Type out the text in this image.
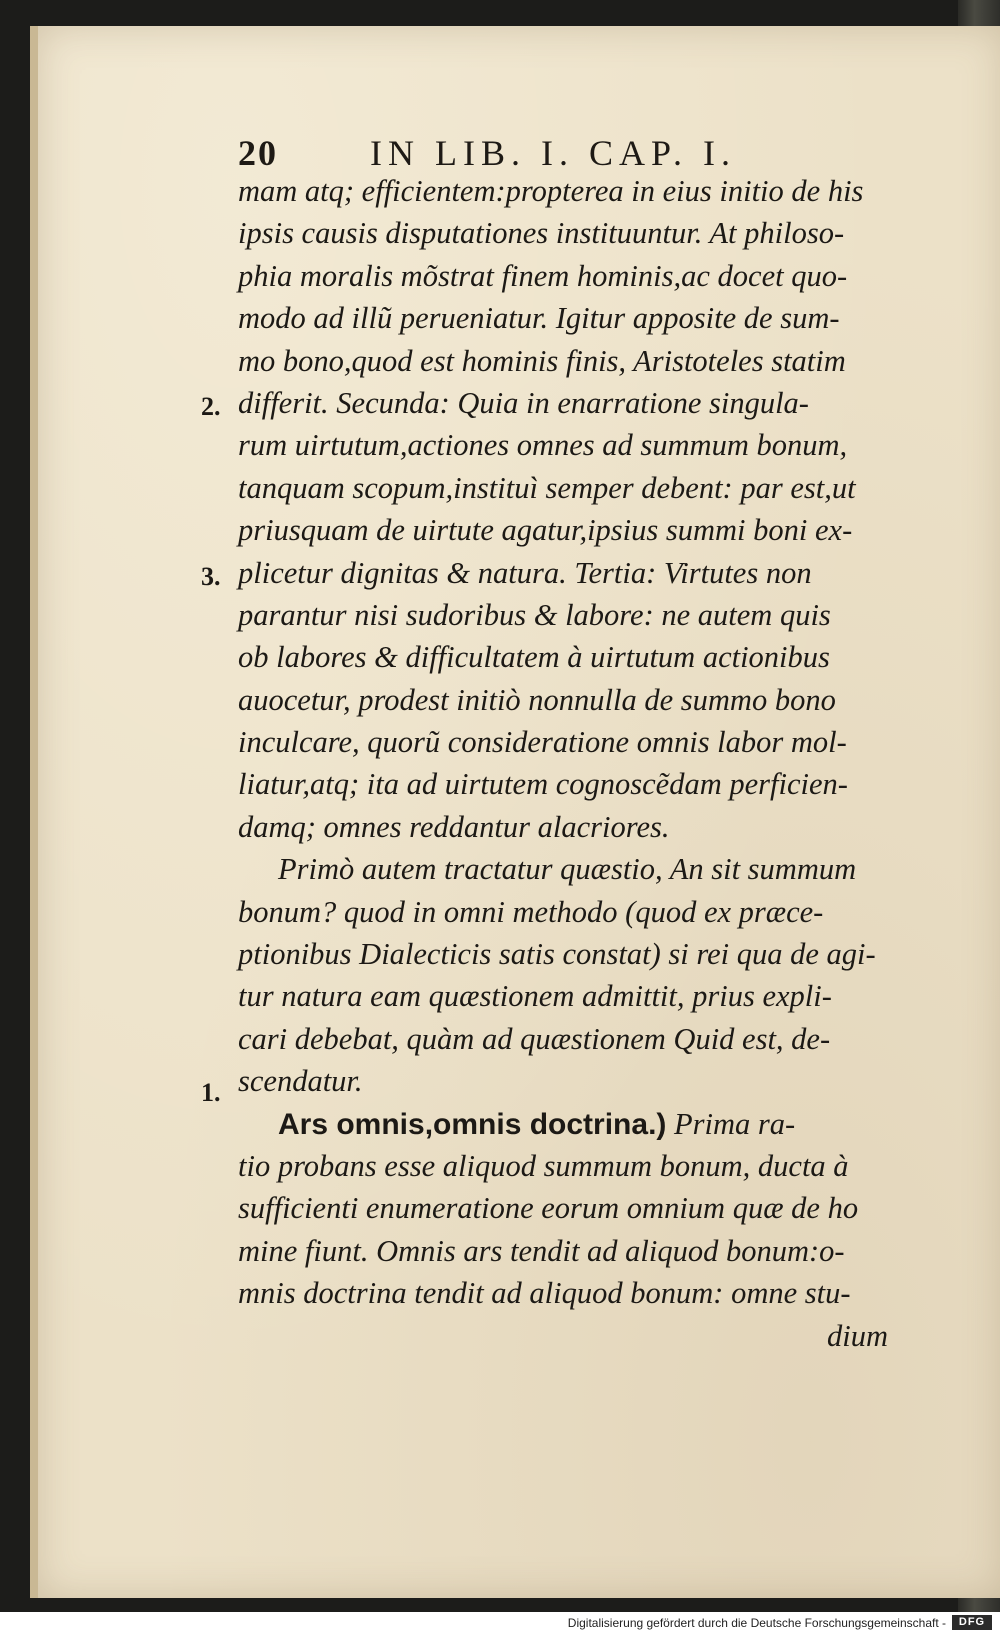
20	IN LIB. I. CAP. I.
2.
3.
1.
mam atq; efficientem:propterea in eius initio de his
ipsis causis disputationes instituuntur. At philoso-
phia moralis mõstrat finem hominis,ac docet quo-
modo ad illũ perueniatur. Igitur apposite de sum-
mo bono,quod est hominis finis, Aristoteles statim
differit. Secunda: Quia in enarratione singula-
rum uirtutum,actiones omnes ad summum bonum,
tanquam scopum,instituì semper debent: par est,ut
priusquam de uirtute agatur,ipsius summi boni ex-
plicetur dignitas & natura. Tertia: Virtutes non
parantur nisi sudoribus & labore: ne autem quis
ob labores & difficultatem à uirtutum actionibus
auocetur, prodest initiò nonnulla de summo bono
inculcare, quorũ consideratione omnis labor mol-
liatur,atq; ita ad uirtutem cognoscẽdam perficien-
damq; omnes reddantur alacriores.
Primò autem tractatur quæstio, An sit summum
bonum? quod in omni methodo (quod ex præce-
ptionibus Dialecticis satis constat) si rei qua de agi-
tur natura eam quæstionem admittit, prius expli-
cari debebat, quàm ad quæstionem Quid est, de-
scendatur.
Ars omnis,omnis doctrina.) Prima ra-
tio probans esse aliquod summum bonum, ducta à
sufficienti enumeratione eorum omnium quæ de ho
mine fiunt. Omnis ars tendit ad aliquod bonum:o-
mnis doctrina tendit ad aliquod bonum: omne stu-
dium
Digitalisierung gefördert durch die Deutsche Forschungsgemeinschaft -	DFG
